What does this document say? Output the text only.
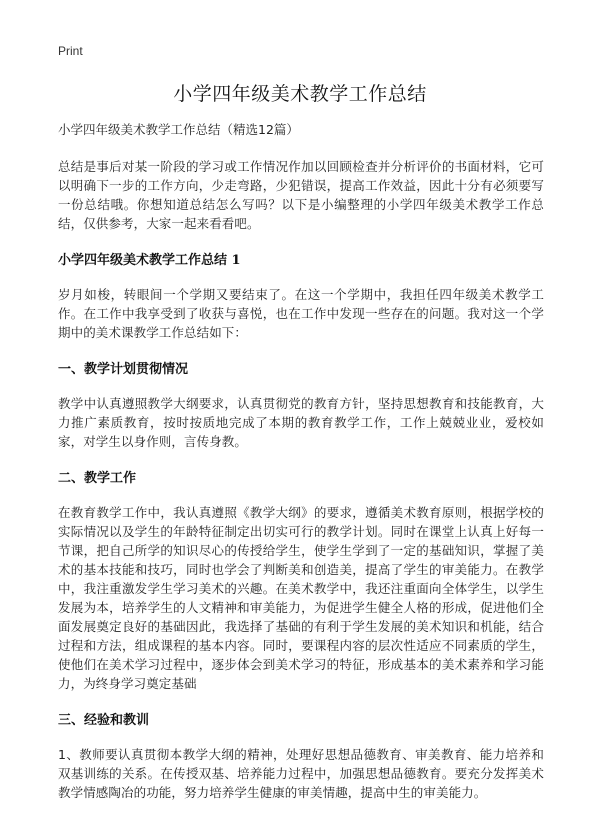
Print
小学四年级美术教学工作总结
小学四年级美术教学工作总结（精选12篇）

总结是事后对某一阶段的学习或工作情况作加以回顾检查并分析评价的书面材料，它可以明确下一步的工作方向，少走弯路，少犯错误，提高工作效益，因此十分有必须要写一份总结哦。你想知道总结怎么写吗？以下是小编整理的小学四年级美术教学工作总结，仅供参考，大家一起来看看吧。

小学四年级美术教学工作总结 1

岁月如梭，转眼间一个学期又要结束了。在这一个学期中，我担任四年级美术教学工作。在工作中我享受到了收获与喜悦，也在工作中发现一些存在的问题。我对这一个学期中的美术课教学工作总结如下：

一、教学计划贯彻情况

教学中认真遵照教学大纲要求，认真贯彻党的教育方针，坚持思想教育和技能教育，大力推广素质教育，按时按质地完成了本期的教育教学工作，工作上兢兢业业，爱校如家，对学生以身作则，言传身教。

二、教学工作

在教育教学工作中，我认真遵照《教学大纲》的要求，遵循美术教育原则，根据学校的实际情况以及学生的年龄特征制定出切实可行的教学计划。同时在课堂上认真上好每一节课，把自己所学的知识尽心的传授给学生，使学生学到了一定的基础知识，掌握了美术的基本技能和技巧，同时也学会了判断美和创造美，提高了学生的审美能力。在教学中，我注重激发学生学习美术的兴趣。在美术教学中，我还注重面向全体学生，以学生发展为本，培养学生的人文精神和审美能力，为促进学生健全人格的形成，促进他们全面发展奠定良好的基础因此，我选择了基础的有利于学生发展的美术知识和机能，结合过程和方法，组成课程的基本内容。同时，要课程内容的层次性适应不同素质的学生，使他们在美术学习过程中，逐步体会到美术学习的特征，形成基本的美术素养和学习能力，为终身学习奠定基础

三、经验和教训

1、教师要认真贯彻本教学大纲的精神，处理好思想品德教育、审美教育、能力培养和双基训练的关系。在传授双基、培养能力过程中，加强思想品德教育。要充分发挥美术教学情感陶冶的功能，努力培养学生健康的审美情趣，提高中生的审美能力。
